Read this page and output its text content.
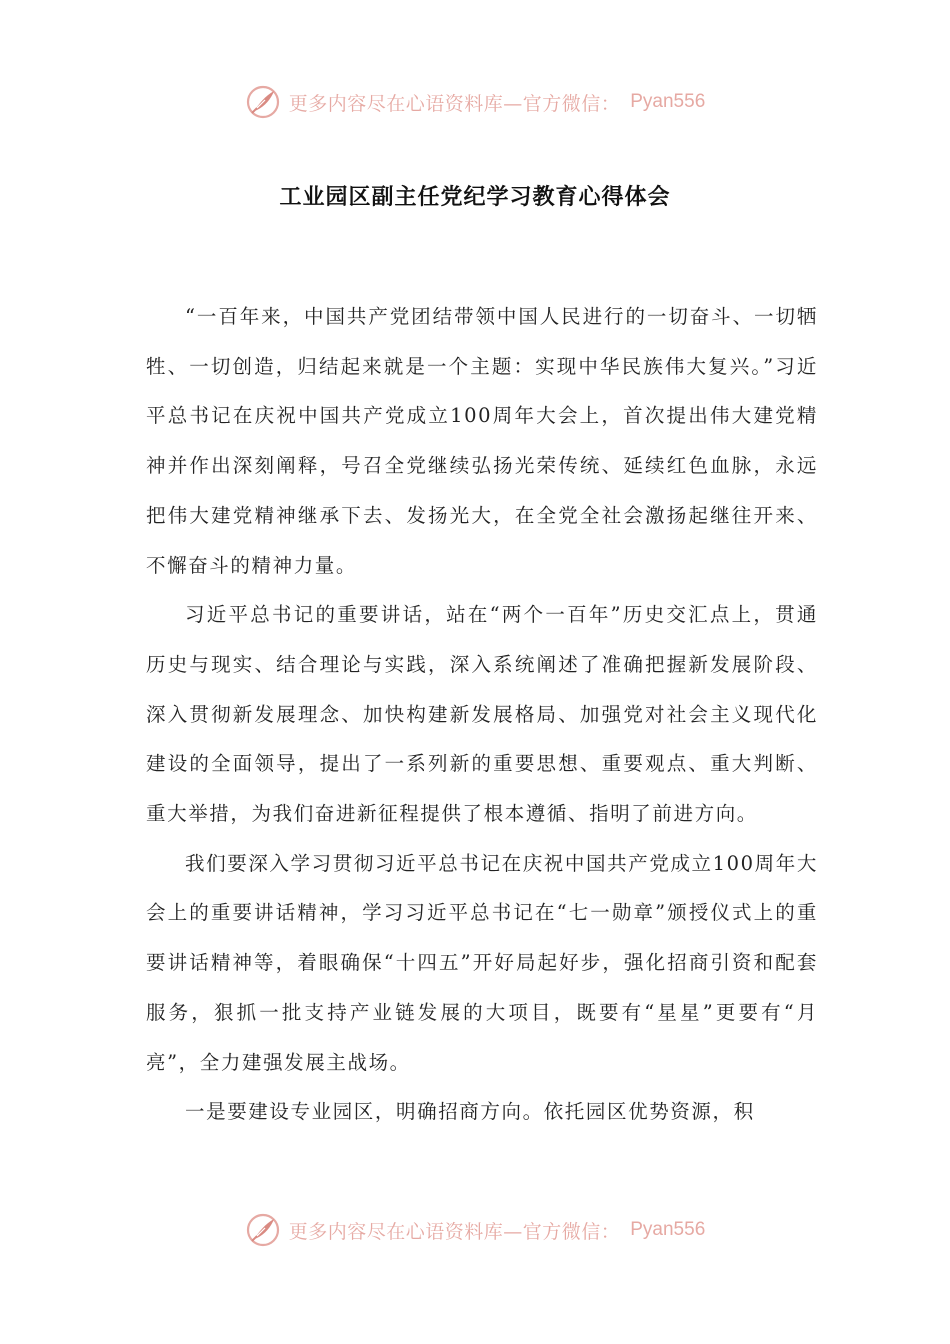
更多内容尽在心语资料库—官方微信： Pyan556
工业园区副主任党纪学习教育心得体会

“一百年来，中国共产党团结带领中国人民进行的一切奋斗、一切牺牲、一切创造，归结起来就是一个主题：实现中华民族伟大复兴。”习近平总书记在庆祝中国共产党成立100周年大会上，首次提出伟大建党精神并作出深刻阐释，号召全党继续弘扬光荣传统、延续红色血脉，永远把伟大建党精神继承下去、发扬光大，在全党全社会激扬起继往开来、不懈奋斗的精神力量。

习近平总书记的重要讲话，站在“两个一百年”历史交汇点上，贯通历史与现实、结合理论与实践，深入系统阐述了准确把握新发展阶段、深入贯彻新发展理念、加快构建新发展格局、加强党对社会主义现代化建设的全面领导，提出了一系列新的重要思想、重要观点、重大判断、重大举措，为我们奋进新征程提供了根本遵循、指明了前进方向。

我们要深入学习贯彻习近平总书记在庆祝中国共产党成立100周年大会上的重要讲话精神，学习习近平总书记在“七一勋章”颁授仪式上的重要讲话精神等，着眼确保“十四五”开好局起好步，强化招商引资和配套服务，狠抓一批支持产业链发展的大项目，既要有“星星”更要有“月亮”，全力建强发展主战场。

一是要建设专业园区，明确招商方向。依托园区优势资源，积

更多内容尽在心语资料库—官方微信： Pyan556
